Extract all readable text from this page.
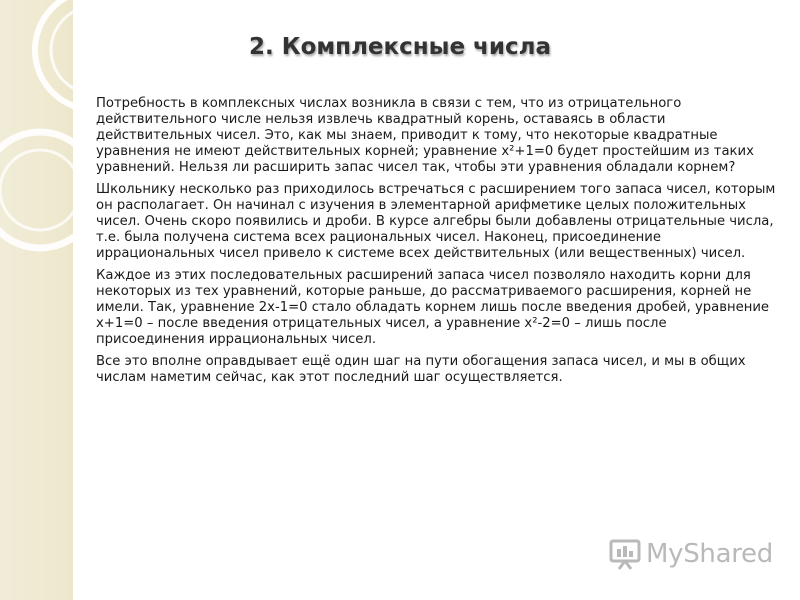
2. Комплексные числа

Потребность в комплексных числах возникла в связи с тем, что из отрицательного действительного числе нельзя извлечь квадратный корень, оставаясь в области действительных чисел. Это, как мы знаем, приводит к тому, что некоторые квадратные уравнения не имеют действительных корней; уравнение x²+1=0 будет простейшим из таких уравнений. Нельзя ли расширить запас чисел так, чтобы эти уравнения обладали корнем?

Школьнику несколько раз приходилось встречаться с расширением того запаса чисел, которым он располагает. Он начинал с изучения в элементарной арифметике целых положительных чисел. Очень скоро появились и дроби. В курсе алгебры были добавлены отрицательные числа, т.е. была получена система всех рациональных чисел. Наконец, присоединение иррациональных чисел привело к системе всех действительных (или вещественных) чисел.

Каждое из этих последовательных расширений запаса чисел позволяло находить корни для некоторых из тех уравнений, которые раньше, до рассматриваемого расширения, корней не имели. Так, уравнение 2x-1=0 стало обладать корнем лишь после введения дробей, уравнение x+1=0 – после введения отрицательных чисел, а уравнение x²-2=0 – лишь после присоединения иррациональных чисел.

Все это вполне оправдывает ещё один шаг на пути обогащения запаса чисел, и мы в общих числам наметим сейчас, как этот последний шаг осуществляется.

MyShared
